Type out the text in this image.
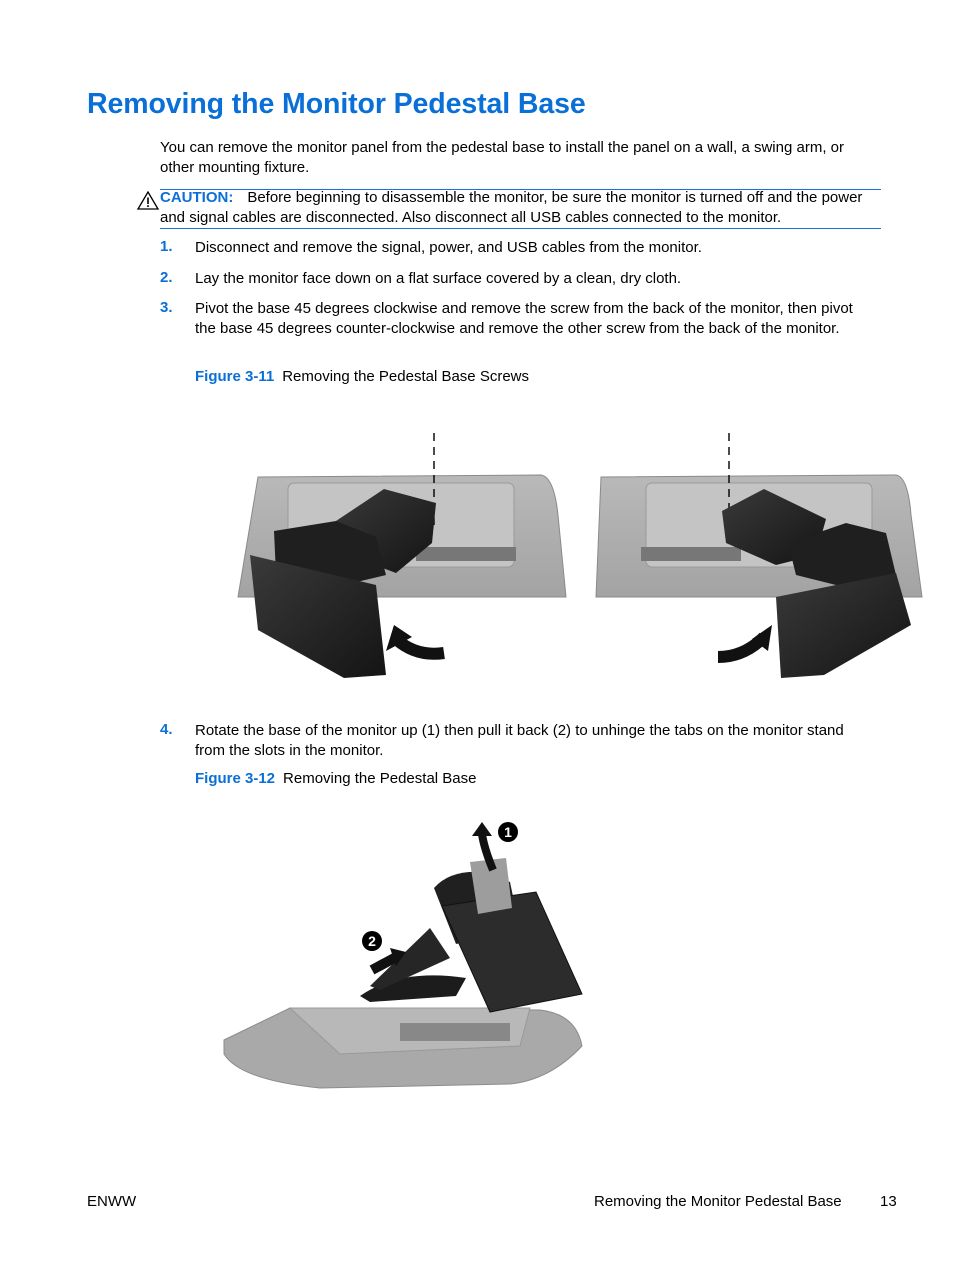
Removing the Monitor Pedestal Base
You can remove the monitor panel from the pedestal base to install the panel on a wall, a swing arm, or other mounting fixture.
CAUTION: Before beginning to disassemble the monitor, be sure the monitor is turned off and the power and signal cables are disconnected. Also disconnect all USB cables connected to the monitor.
1. Disconnect and remove the signal, power, and USB cables from the monitor.
2. Lay the monitor face down on a flat surface covered by a clean, dry cloth.
3. Pivot the base 45 degrees clockwise and remove the screw from the back of the monitor, then pivot the base 45 degrees counter-clockwise and remove the other screw from the back of the monitor.
Figure 3-11 Removing the Pedestal Base Screws
4. Rotate the base of the monitor up (1) then pull it back (2) to unhinge the tabs on the monitor stand from the slots in the monitor.
Figure 3-12 Removing the Pedestal Base
1
2
ENWW	Removing the Monitor Pedestal Base	13
